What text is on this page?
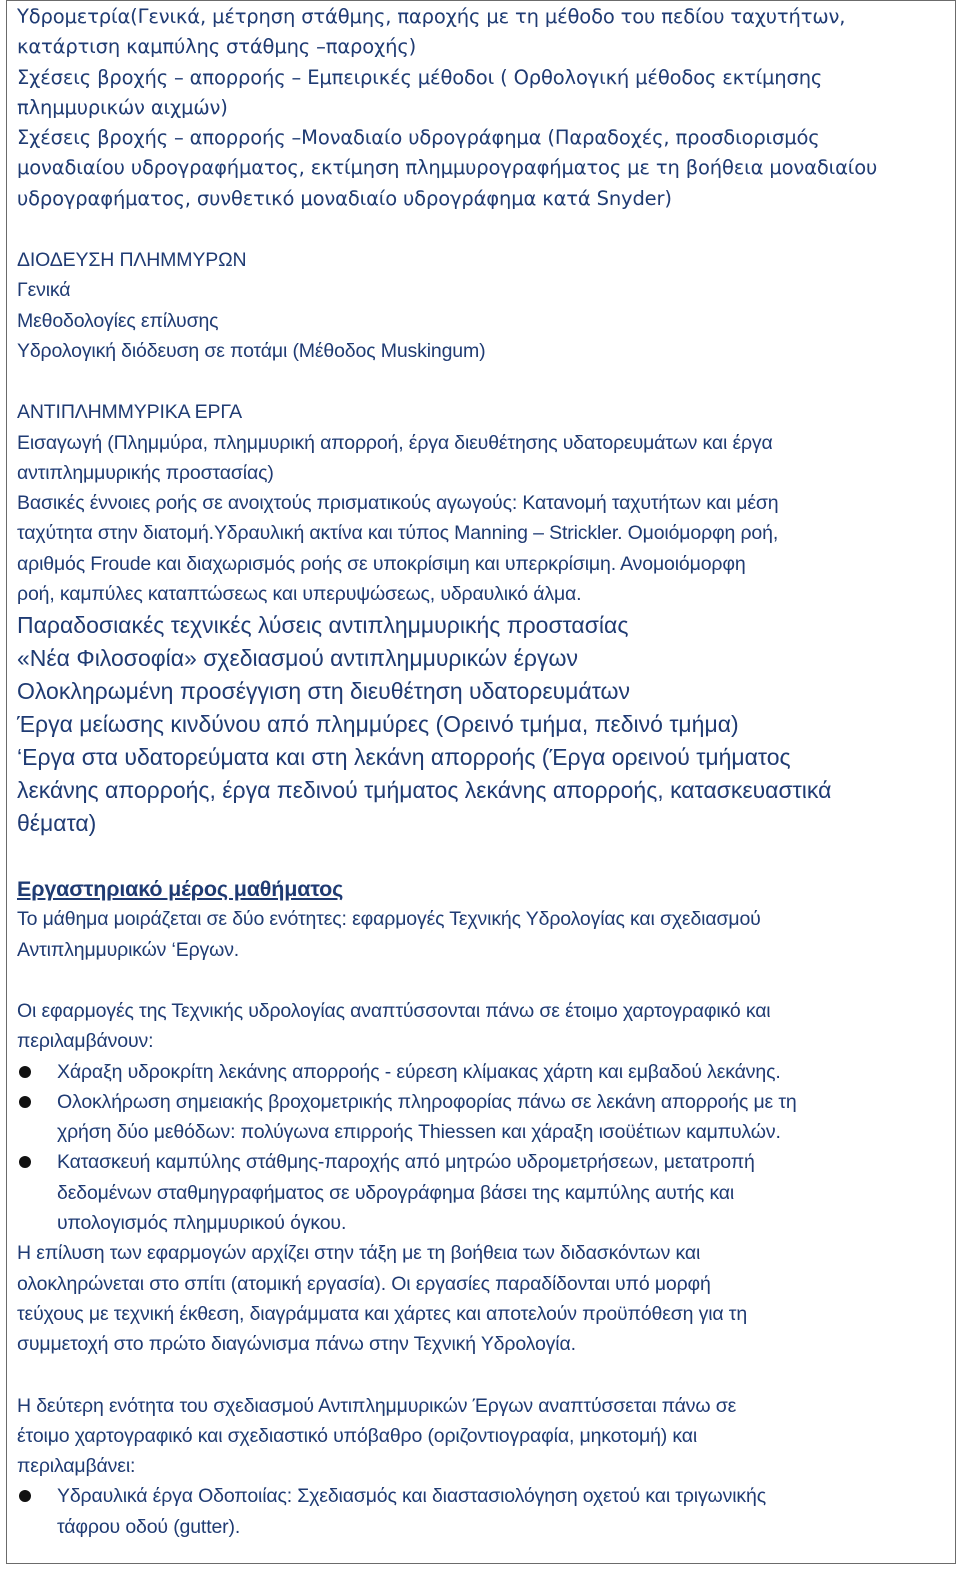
Υδρομετρία(Γενικά, μέτρηση στάθμης, παροχής με τη μέθοδο του πεδίου ταχυτήτων,

κατάρτιση καμπύλης στάθμης –παροχής)

Σχέσεις βροχής – απορροής – Εμπειρικές μέθοδοι ( Ορθολογική μέθοδος εκτίμησης

πλημμυρικών αιχμών)

Σχέσεις βροχής – απορροής –Μοναδιαίο υδρογράφημα (Παραδοχές, προσδιορισμός

μοναδιαίου υδρογραφήματος, εκτίμηση πλημμυρογραφήματος με τη βοήθεια μοναδιαίου

υδρογραφήματος, συνθετικό μοναδιαίο υδρογράφημα κατά Snyder)

ΔΙΟΔΕΥΣΗ ΠΛΗΜΜΥΡΩΝ

Γενικά

Μεθοδολογίες επίλυσης

Υδρολογική διόδευση σε ποτάμι (Μέθοδος Muskingum)

ΑΝΤΙΠΛΗΜΜΥΡΙΚΑ ΕΡΓΑ

Εισαγωγή (Πλημμύρα, πλημμυρική απορροή, έργα διευθέτησης υδατορευμάτων και έργα

αντιπλημμυρικής προστασίας)

Βασικές έννοιες ροής σε ανοιχτούς πρισματικούς αγωγούς: Κατανομή ταχυτήτων και μέση

ταχύτητα στην διατομή.Υδραυλική ακτίνα και τύπος Manning – Strickler. Ομοιόμορφη ροή,

αριθμός Froude και διαχωρισμός ροής σε υποκρίσιμη και υπερκρίσιμη. Ανομοιόμορφη

ροή, καμπύλες καταπτώσεως και υπερυψώσεως, υδραυλικό άλμα.

Παραδοσιακές τεχνικές λύσεις αντιπλημμυρικής προστασίας

«Νέα Φιλοσοφία» σχεδιασμού αντιπλημμυρικών έργων

Ολοκληρωμένη προσέγγιση στη διευθέτηση υδατορευμάτων

Έργα μείωσης κινδύνου από πλημμύρες (Ορεινό τμήμα, πεδινό τμήμα)

‘Εργα στα υδατορεύματα και στη λεκάνη απορροής (Έργα ορεινού τμήματος

λεκάνης απορροής, έργα πεδινού τμήματος λεκάνης απορροής, κατασκευαστικά

θέματα)

Εργαστηριακό μέρος μαθήματος

Το μάθημα μοιράζεται σε δύο ενότητες: εφαρμογές Τεχνικής Υδρολογίας και σχεδιασμού

Αντιπλημμυρικών ‘Εργων.

Οι εφαρμογές της Τεχνικής υδρολογίας αναπτύσσονται πάνω σε έτοιμο χαρτογραφικό και

περιλαμβάνουν:

Χάραξη υδροκρίτη λεκάνης απορροής - εύρεση κλίμακας χάρτη και εμβαδού λεκάνης.

Ολοκλήρωση σημειακής βροχομετρικής πληροφορίας πάνω σε λεκάνη απορροής με τη

χρήση δύο μεθόδων: πολύγωνα επιρροής Thiessen και χάραξη ισοϋέτιων καμπυλών.

Κατασκευή καμπύλης στάθμης-παροχής από μητρώο υδρομετρήσεων, μετατροπή

δεδομένων σταθμηγραφήματος σε υδρογράφημα βάσει της καμπύλης αυτής και

υπολογισμός πλημμυρικού όγκου.

Η επίλυση των εφαρμογών αρχίζει στην τάξη με τη βοήθεια των διδασκόντων και

ολοκληρώνεται στο σπίτι (ατομική εργασία). Οι εργασίες παραδίδονται υπό μορφή

τεύχους με τεχνική έκθεση, διαγράμματα και χάρτες και αποτελούν προϋπόθεση για τη

συμμετοχή στο πρώτο διαγώνισμα πάνω στην Τεχνική Υδρολογία.

Η δεύτερη ενότητα του σχεδιασμού Αντιπλημμυρικών Έργων αναπτύσσεται πάνω σε

έτοιμο χαρτογραφικό και σχεδιαστικό υπόβαθρο (οριζοντιογραφία, μηκοτομή) και

περιλαμβάνει:

Υδραυλικά έργα Οδοποιίας: Σχεδιασμός και διαστασιολόγηση οχετού και τριγωνικής

τάφρου οδού (gutter).
